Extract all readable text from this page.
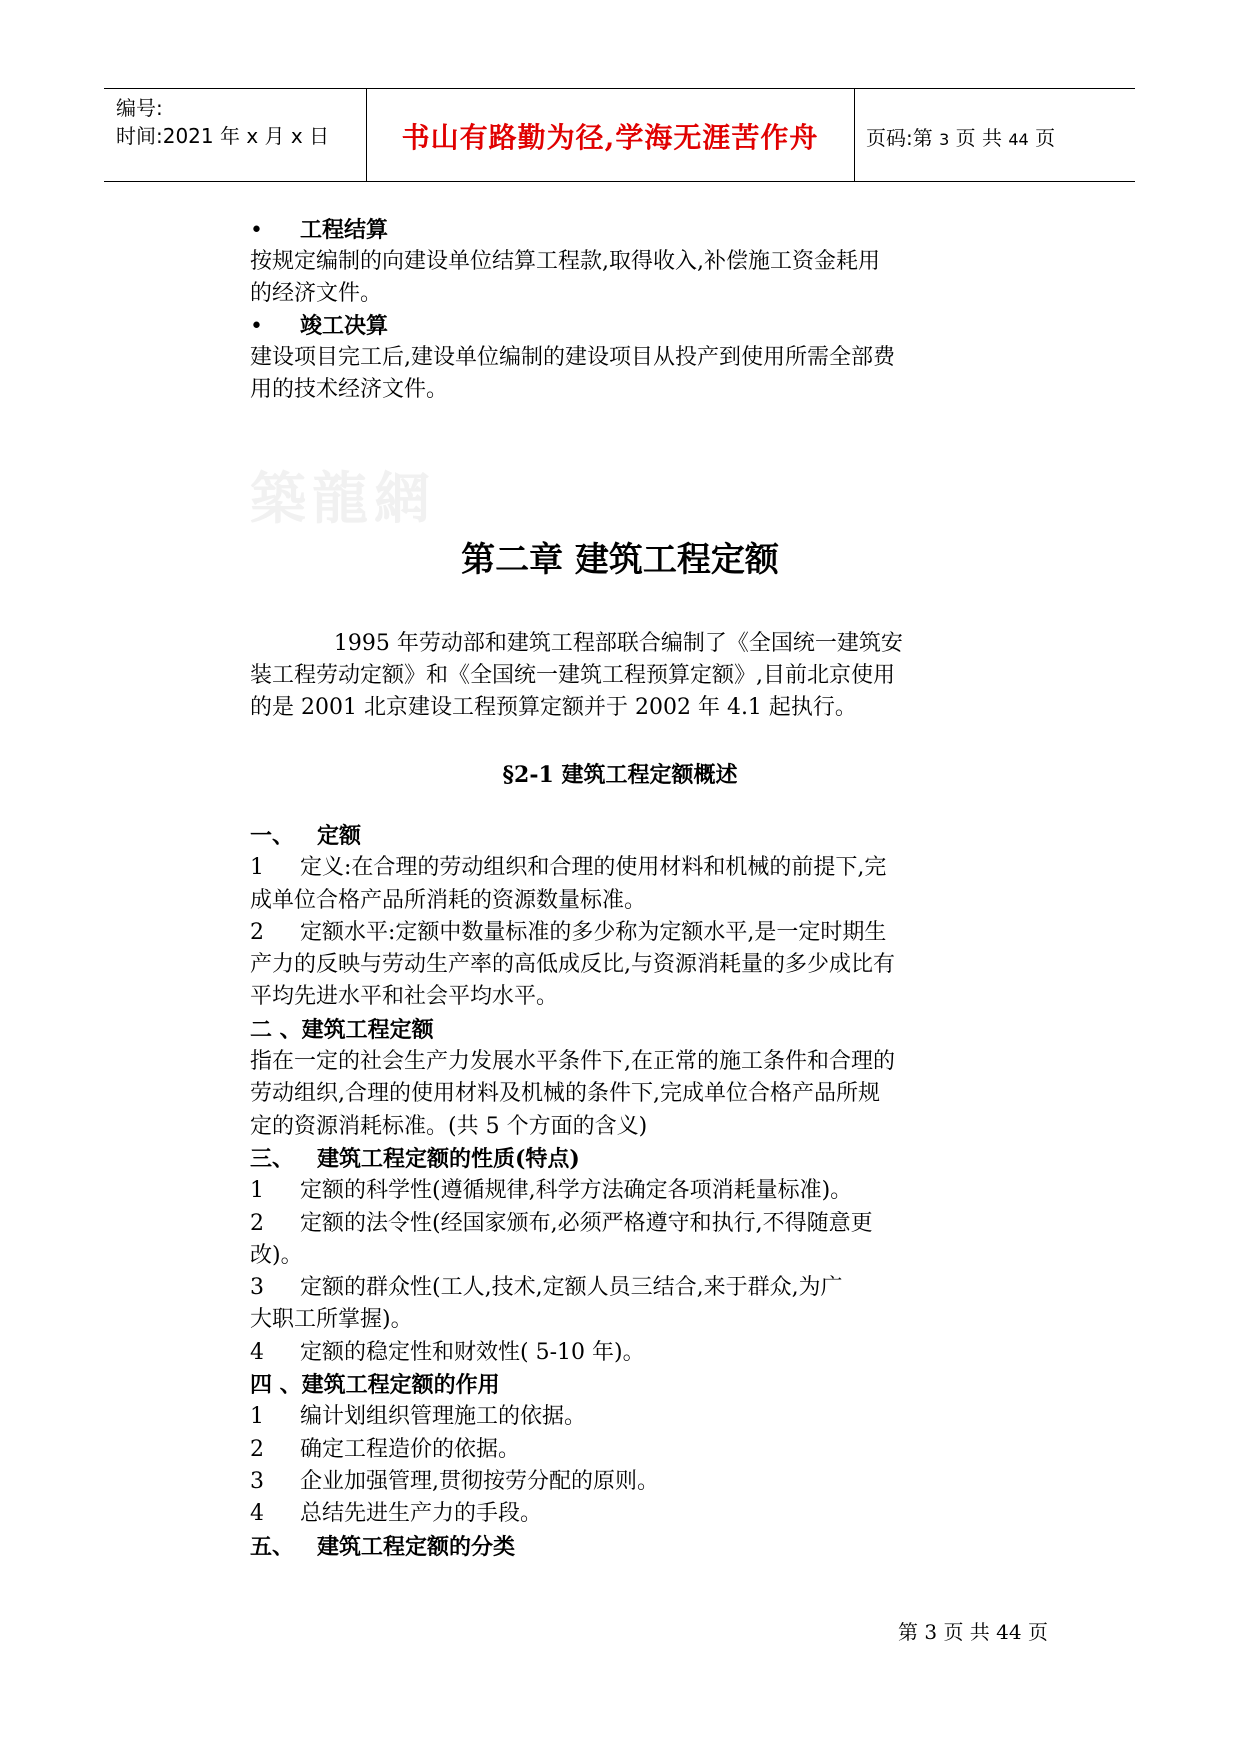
编号:
时间:2021 年 x 月 x 日	书山有路勤为径,学海无涯苦作舟	页码:第 3 页 共 44 页
• 工程结算
按规定编制的向建设单位结算工程款,取得收入,补偿施工资金耗用
的经济文件。
• 竣工决算
建设项目完工后,建设单位编制的建设项目从投产到使用所需全部费
用的技术经济文件。
築龍網
第二章 建筑工程定额
1995 年劳动部和建筑工程部联合编制了《全国统一建筑安
装工程劳动定额》和《全国统一建筑工程预算定额》,目前北京使用
的是 2001 北京建设工程预算定额并于 2002 年 4.1 起执行。
§2-1 建筑工程定额概述
一、   定额
1 定义:在合理的劳动组织和合理的使用材料和机械的前提下,完
成单位合格产品所消耗的资源数量标准。
2 定额水平:定额中数量标准的多少称为定额水平,是一定时期生
产力的反映与劳动生产率的高低成反比,与资源消耗量的多少成比有
平均先进水平和社会平均水平。
二 、建筑工程定额
指在一定的社会生产力发展水平条件下,在正常的施工条件和合理的
劳动组织,合理的使用材料及机械的条件下,完成单位合格产品所规
定的资源消耗标准。(共 5 个方面的含义)
三、   建筑工程定额的性质(特点)
1 定额的科学性(遵循规律,科学方法确定各项消耗量标准)。
2 定额的法令性(经国家颁布,必须严格遵守和执行,不得随意更
改)。
3 定额的群众性(工人,技术,定额人员三结合,来于群众,为广
大职工所掌握)。
4 定额的稳定性和财效性( 5-10 年)。
四 、建筑工程定额的作用
1 编计划组织管理施工的依据。
2 确定工程造价的依据。
3 企业加强管理,贯彻按劳分配的原则。
4 总结先进生产力的手段。
五、   建筑工程定额的分类
第 3 页 共 44 页
